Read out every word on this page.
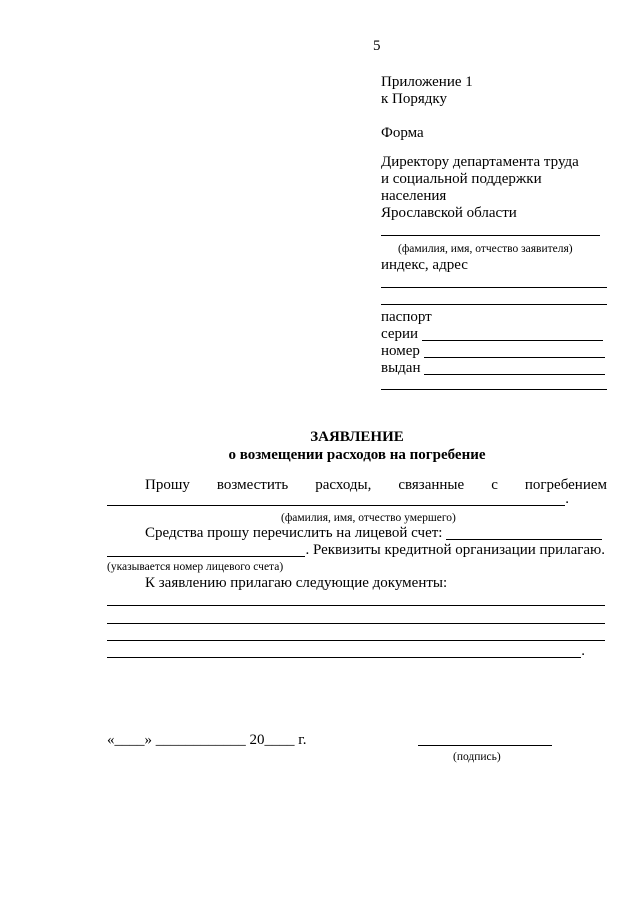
5
Приложение 1
к Порядку
Форма
Директору департамента труда
и социальной поддержки
населения
Ярославской области
(фамилия, имя, отчество заявителя)
индекс, адрес
паспорт
серии
номер
выдан
ЗАЯВЛЕНИЕ
о возмещении расходов на погребение
Прошу возместить расходы, связанные с погребением
.
(фамилия, имя, отчество умершего)
Средства прошу перечислить на лицевой счет:
. Реквизиты кредитной организации прилагаю.
(указывается номер лицевого счета)
К заявлению прилагаю следующие документы:
.
«____» ____________ 20____ г.
(подпись)
